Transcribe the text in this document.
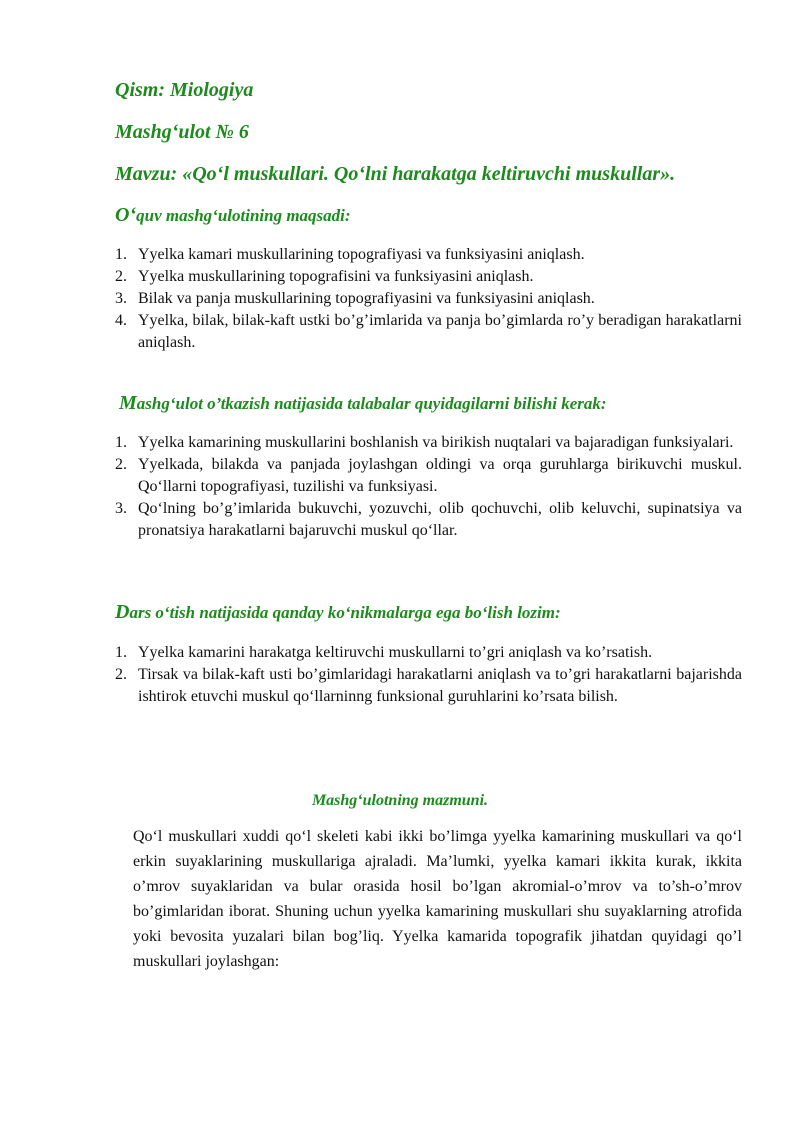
Qism: Miologiya
Mashg‘ulot № 6
Mavzu: «Qo‘l muskullari. Qo‘lni harakatga keltiruvchi muskullar».
O‘quv mashg‘ulotining maqsadi:
1. Yyelka kamari muskullarining topografiyasi va funksiyasini aniqlash.
2. Yyelka muskullarining topografisini va funksiyasini aniqlash.
3. Bilak va panja muskullarining topografiyasini va funksiyasini aniqlash.
4. Yyelka, bilak, bilak-kaft ustki bo’g’imlarida va panja bo’gimlarda ro’y beradigan harakatlarni aniqlash.
Mashg‘ulot o’tkazish natijasida talabalar quyidagilarni bilishi kerak:
1. Yyelka kamarining muskullarini boshlanish va birikish nuqtalari va bajaradigan funksiyalari.
2. Yyelkada, bilakda va panjada joylashgan oldingi va orqa guruhlarga birikuvchi muskul. Qo‘llarni topografiyasi, tuzilishi va funksiyasi.
3. Qo‘lning bo’g’imlarida bukuvchi, yozuvchi, olib qochuvchi, olib keluvchi, supinatsiya va pronatsiya harakatlarni bajaruvchi muskul qo‘llar.
Dars o‘tish natijasida qanday ko‘nikmalarga ega bo‘lish lozim:
1. Yyelka kamarini harakatga keltiruvchi muskullarni to’gri aniqlash va ko’rsatish.
2. Tirsak va bilak-kaft usti bo’gimlaridagi harakatlarni aniqlash va to’gri harakatlarni bajarishda ishtirok etuvchi muskul qo‘llarninng funksional guruhlarini ko’rsata bilish.
Mashg‘ulotning mazmuni.
Qo‘l muskullari xuddi qo‘l skeleti kabi ikki bo’limga yyelka kamarining muskullari va qo‘l erkin suyaklarining muskullariga ajraladi. Ma’lumki, yyelka kamari ikkita kurak, ikkita o’mrov suyaklaridan va bular orasida hosil bo’lgan akromial-o’mrov va to’sh-o’mrov bo’gimlaridan iborat. Shuning uchun yyelka kamarining muskullari shu suyaklarning atrofida yoki bevosita yuzalari bilan bog’liq. Yyelka kamarida topografik jihatdan quyidagi qo’l muskullari joylashgan:
